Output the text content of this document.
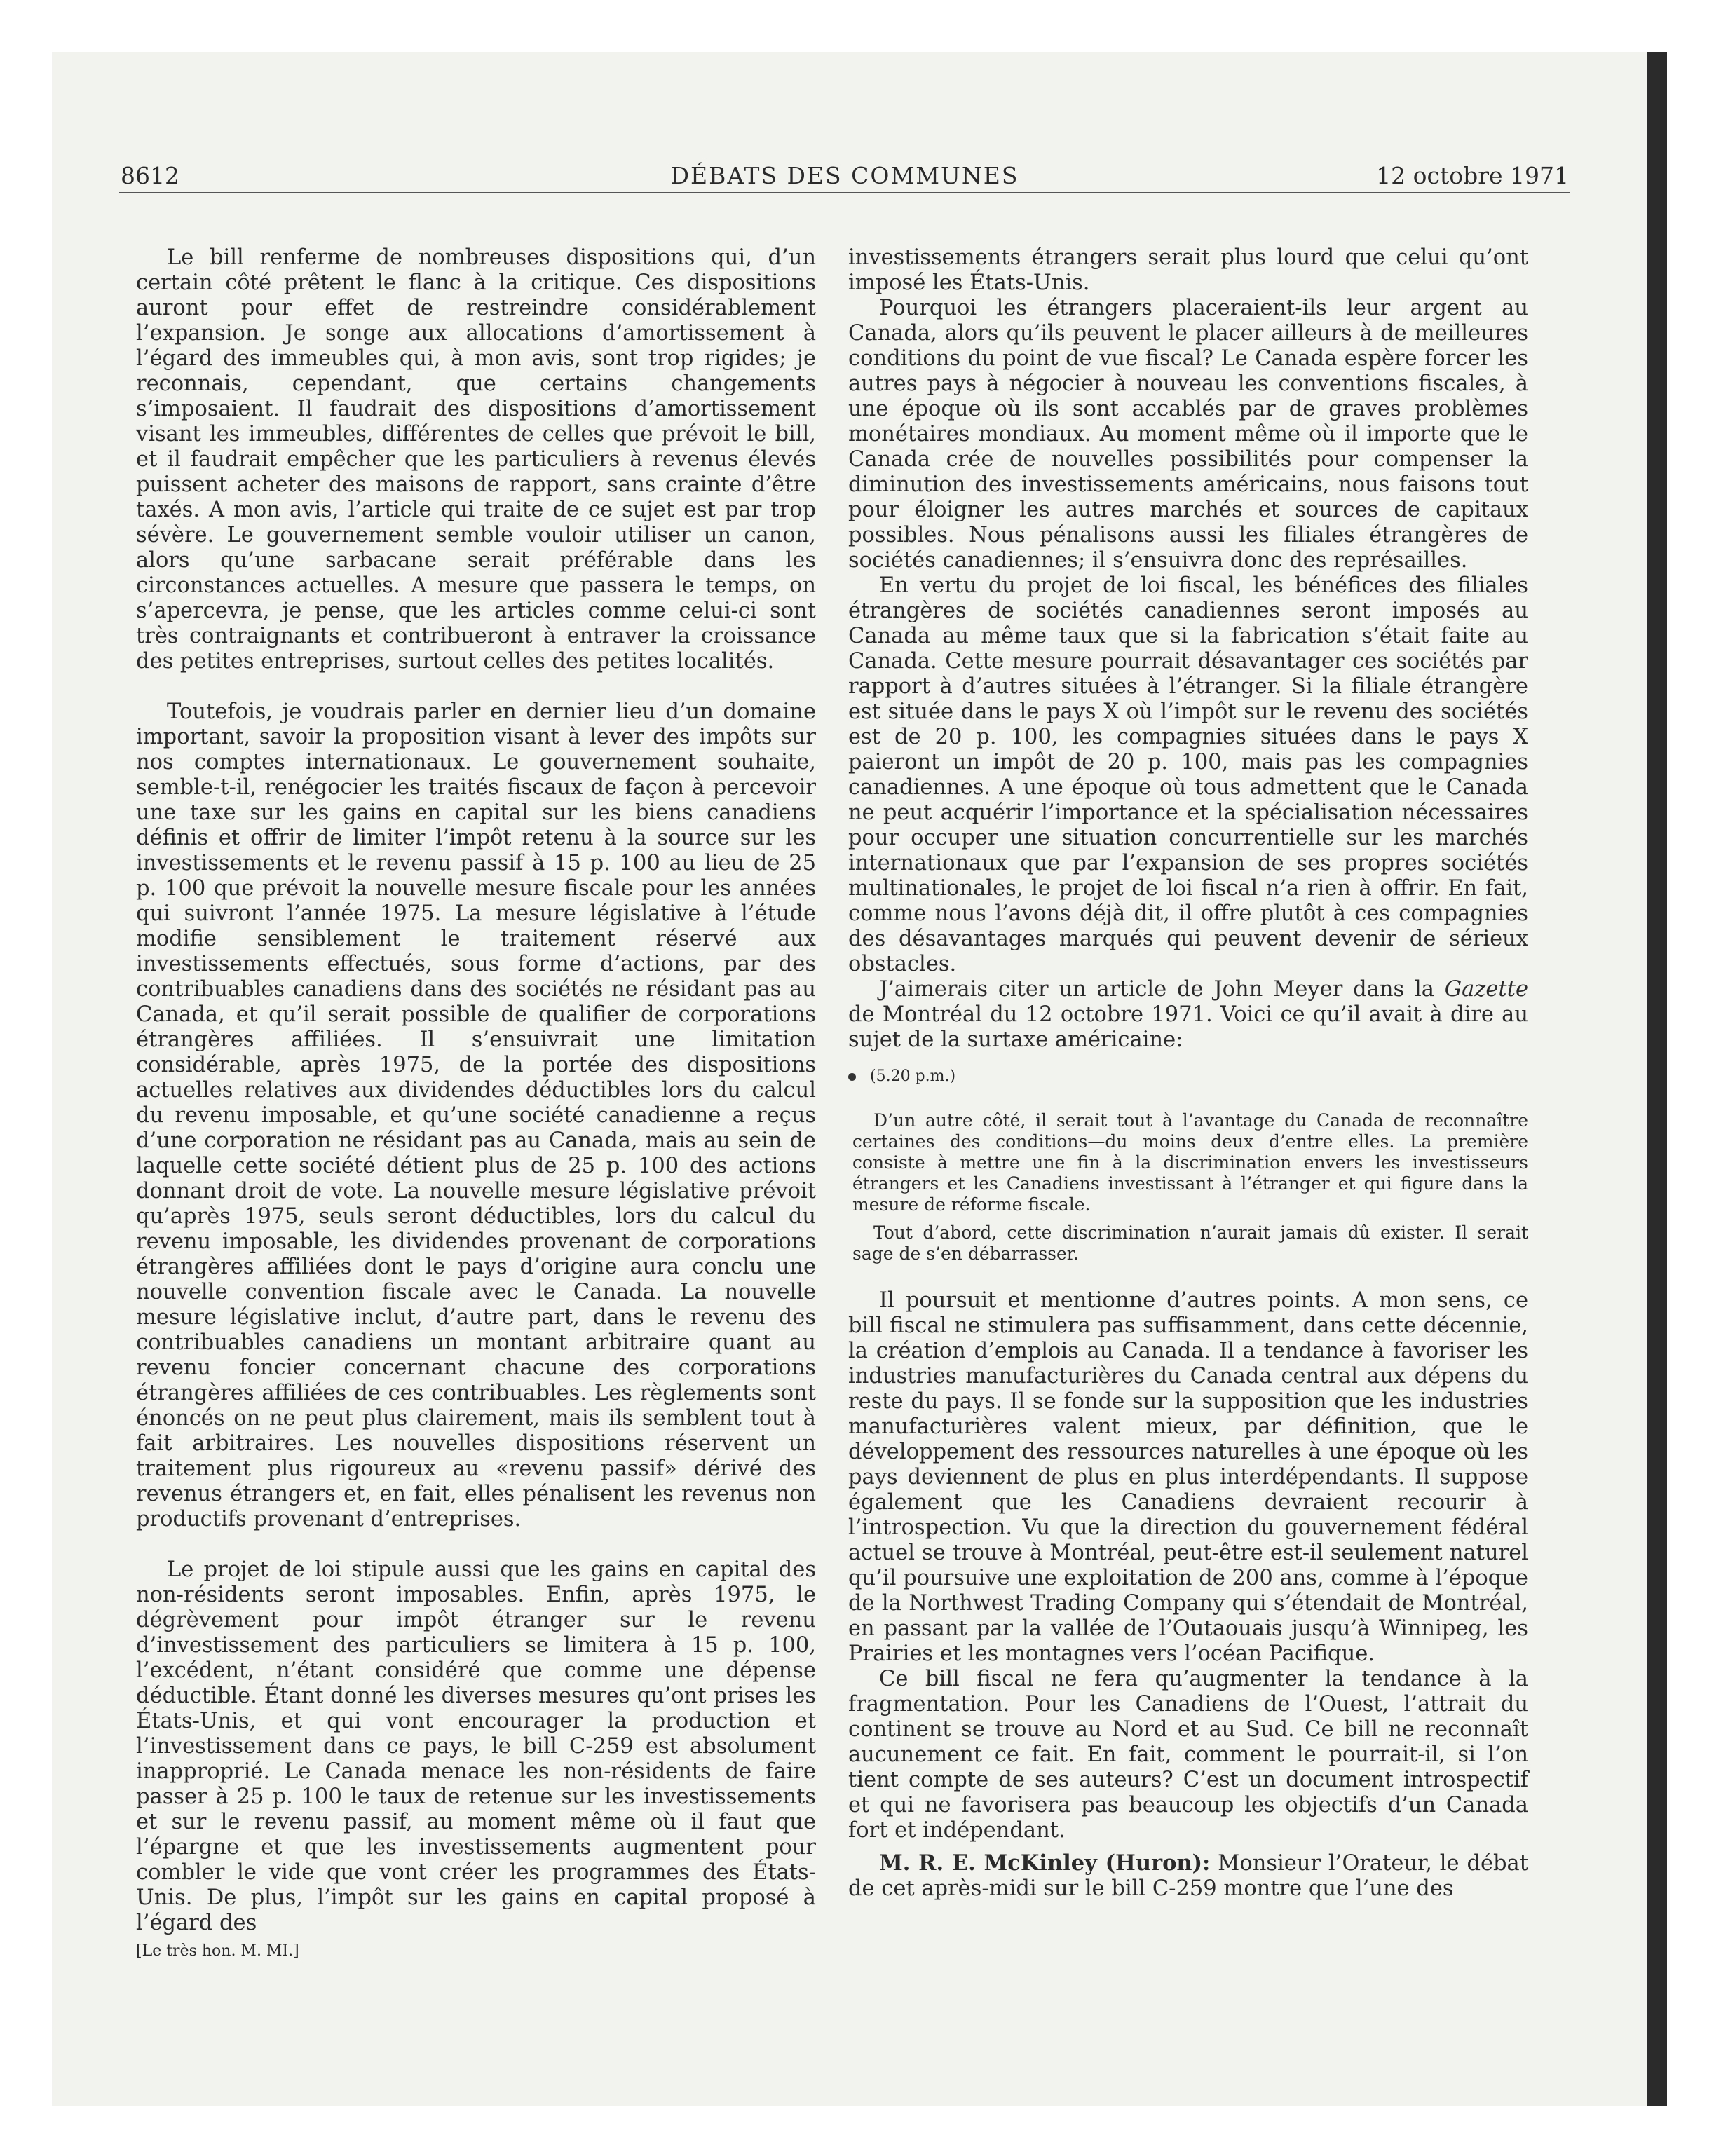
DÉBATS DES COMMUNES
8612	12 octobre 1971

Le bill renferme de nombreuses dispositions qui, d’un certain côté prêtent le flanc à la critique. Ces dispositions auront pour effet de restreindre considérablement l’expansion. Je songe aux allocations d’amortissement à l’égard des immeubles qui, à mon avis, sont trop rigides; je reconnais, cependant, que certains changements s’imposaient. Il faudrait des dispositions d’amortissement visant les immeubles, différentes de celles que prévoit le bill, et il faudrait empêcher que les particuliers à revenus élevés puissent acheter des maisons de rapport, sans crainte d’être taxés. A mon avis, l’article qui traite de ce sujet est par trop sévère. Le gouvernement semble vouloir utiliser un canon, alors qu’une sarbacane serait préférable dans les circonstances actuelles. A mesure que passera le temps, on s’apercevra, je pense, que les articles comme celui-ci sont très contraignants et contribueront à entraver la croissance des petites entreprises, surtout celles des petites localités.

Toutefois, je voudrais parler en dernier lieu d’un domaine important, savoir la proposition visant à lever des impôts sur nos comptes internationaux. Le gouvernement souhaite, semble-t-il, renégocier les traités fiscaux de façon à percevoir une taxe sur les gains en capital sur les biens canadiens définis et offrir de limiter l’impôt retenu à la source sur les investissements et le revenu passif à 15 p. 100 au lieu de 25 p. 100 que prévoit la nouvelle mesure fiscale pour les années qui suivront l’année 1975. La mesure législative à l’étude modifie sensiblement le traitement réservé aux investissements effectués, sous forme d’actions, par des contribuables canadiens dans des sociétés ne résidant pas au Canada, et qu’il serait possible de qualifier de corporations étrangères affiliées. Il s’ensuivrait une limitation considérable, après 1975, de la portée des dispositions actuelles relatives aux dividendes déductibles lors du calcul du revenu imposable, et qu’une société canadienne a reçus d’une corporation ne résidant pas au Canada, mais au sein de laquelle cette société détient plus de 25 p. 100 des actions donnant droit de vote. La nouvelle mesure législative prévoit qu’après 1975, seuls seront déductibles, lors du calcul du revenu imposable, les dividendes provenant de corporations étrangères affiliées dont le pays d’origine aura conclu une nouvelle convention fiscale avec le Canada. La nouvelle mesure législative inclut, d’autre part, dans le revenu des contribuables canadiens un montant arbitraire quant au revenu foncier concernant chacune des corporations étrangères affiliées de ces contribuables. Les règlements sont énoncés on ne peut plus clairement, mais ils semblent tout à fait arbitraires. Les nouvelles dispositions réservent un traitement plus rigoureux au «revenu passif» dérivé des revenus étrangers et, en fait, elles pénalisent les revenus non productifs provenant d’entreprises.

Le projet de loi stipule aussi que les gains en capital des non-résidents seront imposables. Enfin, après 1975, le dégrèvement pour impôt étranger sur le revenu d’investissement des particuliers se limitera à 15 p. 100, l’excédent, n’étant considéré que comme une dépense déductible. Étant donné les diverses mesures qu’ont prises les États-Unis, et qui vont encourager la production et l’investissement dans ce pays, le bill C-259 est absolument inapproprié. Le Canada menace les non-résidents de faire passer à 25 p. 100 le taux de retenue sur les investissements et sur le revenu passif, au moment même où il faut que l’épargne et que les investissements augmentent pour combler le vide que vont créer les programmes des États-Unis. De plus, l’impôt sur les gains en capital proposé à l’égard des

[Le très hon. M. MI.]

investissements étrangers serait plus lourd que celui qu’ont imposé les États-Unis.

Pourquoi les étrangers placeraient-ils leur argent au Canada, alors qu’ils peuvent le placer ailleurs à de meilleures conditions du point de vue fiscal? Le Canada espère forcer les autres pays à négocier à nouveau les conventions fiscales, à une époque où ils sont accablés par de graves problèmes monétaires mondiaux. Au moment même où il importe que le Canada crée de nouvelles possibilités pour compenser la diminution des investissements américains, nous faisons tout pour éloigner les autres marchés et sources de capitaux possibles. Nous pénalisons aussi les filiales étrangères de sociétés canadiennes; il s’ensuivra donc des représailles.

En vertu du projet de loi fiscal, les bénéfices des filiales étrangères de sociétés canadiennes seront imposés au Canada au même taux que si la fabrication s’était faite au Canada. Cette mesure pourrait désavantager ces sociétés par rapport à d’autres situées à l’étranger. Si la filiale étrangère est située dans le pays X où l’impôt sur le revenu des sociétés est de 20 p. 100, les compagnies situées dans le pays X paieront un impôt de 20 p. 100, mais pas les compagnies canadiennes. A une époque où tous admettent que le Canada ne peut acquérir l’importance et la spécialisation nécessaires pour occuper une situation concurrentielle sur les marchés internationaux que par l’expansion de ses propres sociétés multinationales, le projet de loi fiscal n’a rien à offrir. En fait, comme nous l’avons déjà dit, il offre plutôt à ces compagnies des désavantages marqués qui peuvent devenir de sérieux obstacles.

J’aimerais citer un article de John Meyer dans la Gazette de Montréal du 12 octobre 1971. Voici ce qu’il avait à dire au sujet de la surtaxe américaine:

(5.20 p.m.)

D’un autre côté, il serait tout à l’avantage du Canada de reconnaître certaines des conditions—du moins deux d’entre elles. La première consiste à mettre une fin à la discrimination envers les investisseurs étrangers et les Canadiens investissant à l’étranger et qui figure dans la mesure de réforme fiscale.

Tout d’abord, cette discrimination n’aurait jamais dû exister. Il serait sage de s’en débarrasser.

Il poursuit et mentionne d’autres points. A mon sens, ce bill fiscal ne stimulera pas suffisamment, dans cette décennie, la création d’emplois au Canada. Il a tendance à favoriser les industries manufacturières du Canada central aux dépens du reste du pays. Il se fonde sur la supposition que les industries manufacturières valent mieux, par définition, que le développement des ressources naturelles à une époque où les pays deviennent de plus en plus interdépendants. Il suppose également que les Canadiens devraient recourir à l’introspection. Vu que la direction du gouvernement fédéral actuel se trouve à Montréal, peut-être est-il seulement naturel qu’il poursuive une exploitation de 200 ans, comme à l’époque de la Northwest Trading Company qui s’étendait de Montréal, en passant par la vallée de l’Outaouais jusqu’à Winnipeg, les Prairies et les montagnes vers l’océan Pacifique.

Ce bill fiscal ne fera qu’augmenter la tendance à la fragmentation. Pour les Canadiens de l’Ouest, l’attrait du continent se trouve au Nord et au Sud. Ce bill ne reconnaît aucunement ce fait. En fait, comment le pourrait-il, si l’on tient compte de ses auteurs? C’est un document introspectif et qui ne favorisera pas beaucoup les objectifs d’un Canada fort et indépendant.

M. R. E. McKinley (Huron): Monsieur l’Orateur, le débat de cet après-midi sur le bill C-259 montre que l’une des
